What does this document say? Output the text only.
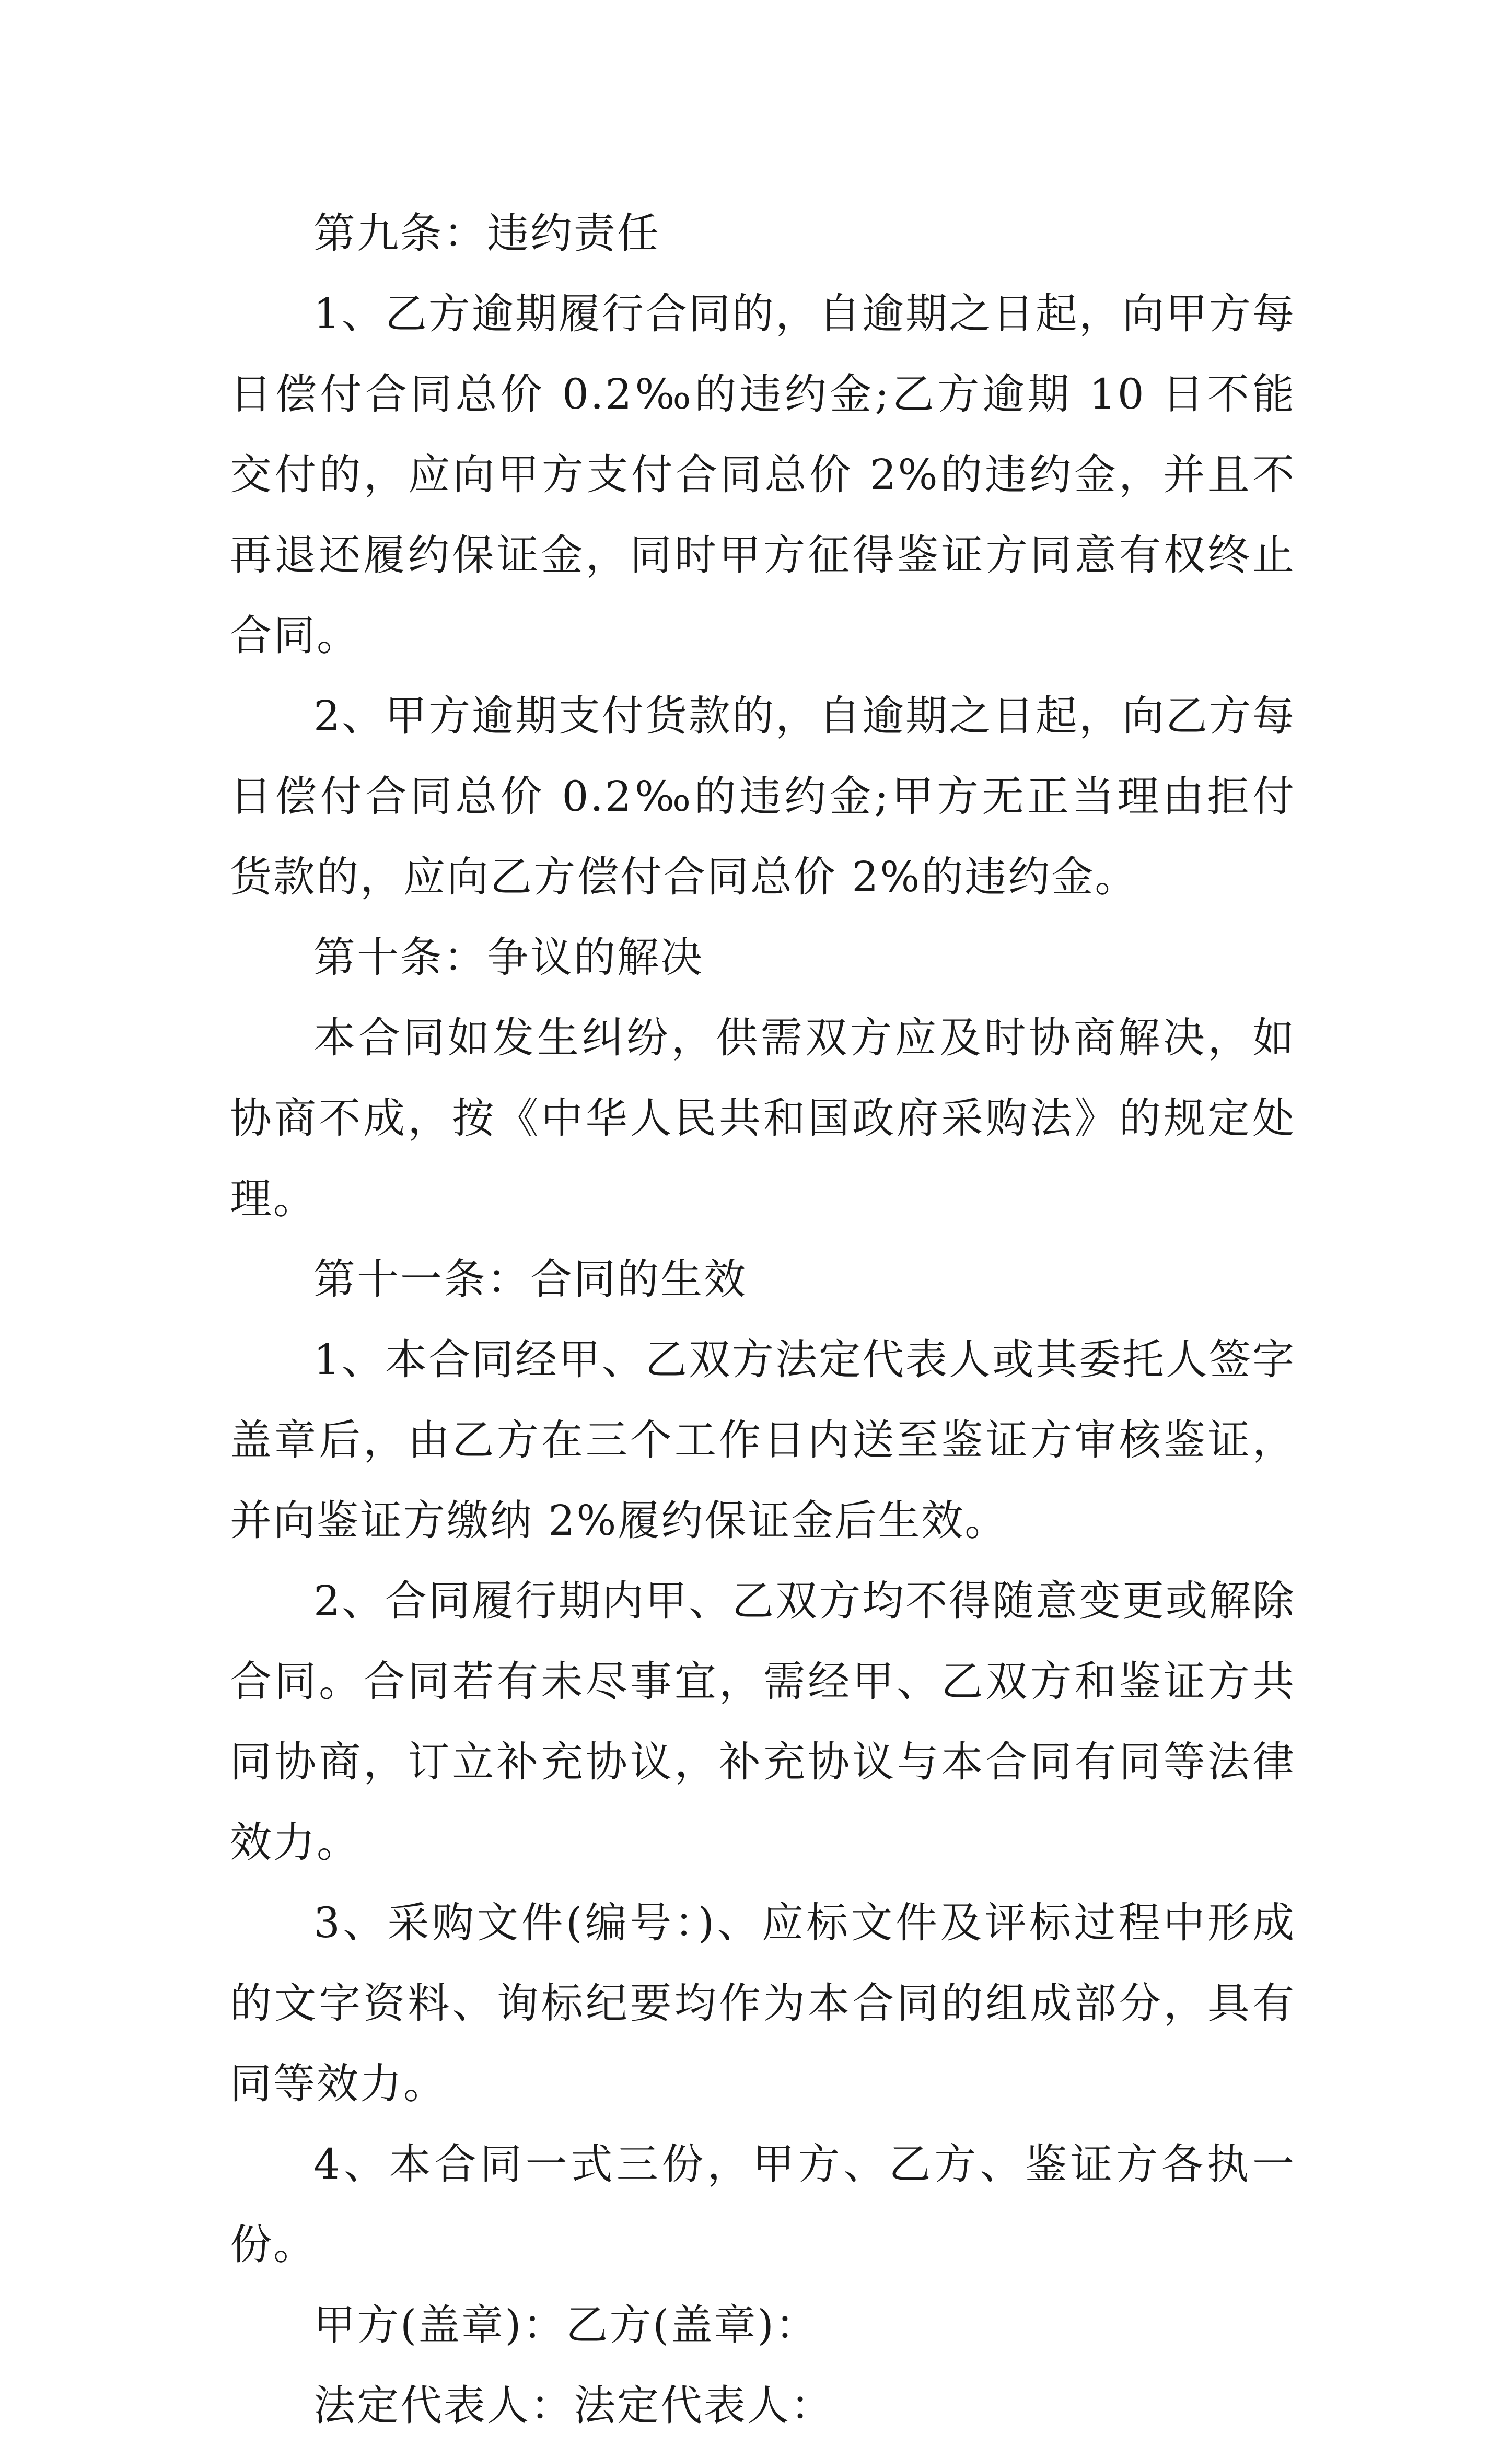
第九条：违约责任

1、乙方逾期履行合同的，自逾期之日起，向甲方每日偿付合同总价 0.2‰的违约金;乙方逾期 10 日不能交付的，应向甲方支付合同总价 2%的违约金，并且不再退还履约保证金，同时甲方征得鉴证方同意有权终止合同。

2、甲方逾期支付货款的，自逾期之日起，向乙方每日偿付合同总价 0.2‰的违约金;甲方无正当理由拒付货款的，应向乙方偿付合同总价 2%的违约金。

第十条：争议的解决

本合同如发生纠纷，供需双方应及时协商解决，如协商不成，按《中华人民共和国政府采购法》的规定处理。

第十一条：合同的生效

1、本合同经甲、乙双方法定代表人或其委托人签字盖章后，由乙方在三个工作日内送至鉴证方审核鉴证，并向鉴证方缴纳 2%履约保证金后生效。

2、合同履行期内甲、乙双方均不得随意变更或解除合同。合同若有未尽事宜，需经甲、乙双方和鉴证方共同协商，订立补充协议，补充协议与本合同有同等法律效力。

3、采购文件(编号：)、应标文件及评标过程中形成的文字资料、询标纪要均作为本合同的组成部分，具有同等效力。

4、本合同一式三份，甲方、乙方、鉴证方各执一份。

甲方(盖章)：乙方(盖章)：

法定代表人：法定代表人：
